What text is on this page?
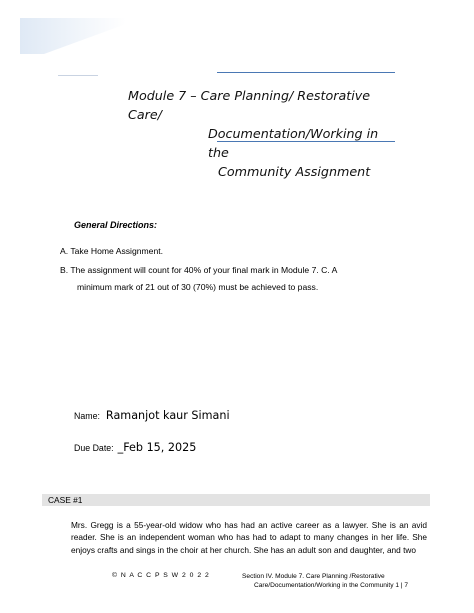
Module 7 – Care Planning/ Restorative Care/
Documentation/Working in the
Community Assignment
General Directions:
A. Take Home Assignment.
B. The assignment will count for 40% of your final mark in Module 7. C. A
minimum mark of 21 out of 30 (70%) must be achieved to pass.
Name: Ramanjot kaur Simani
Due Date: _Feb 15, 2025
CASE #1
Mrs. Gregg is a 55-year-old widow who has had an active career as a lawyer. She is an avid reader. She is an independent woman who has had to adapt to many changes in her life. She enjoys crafts and sings in the choir at her church. She has an adult son and daughter, and two
© N A C C P S W 2 0 2 2	Section IV. Module 7. Care Planning /Restorative
Care/Documentation/Working in the Community 1 | 7
